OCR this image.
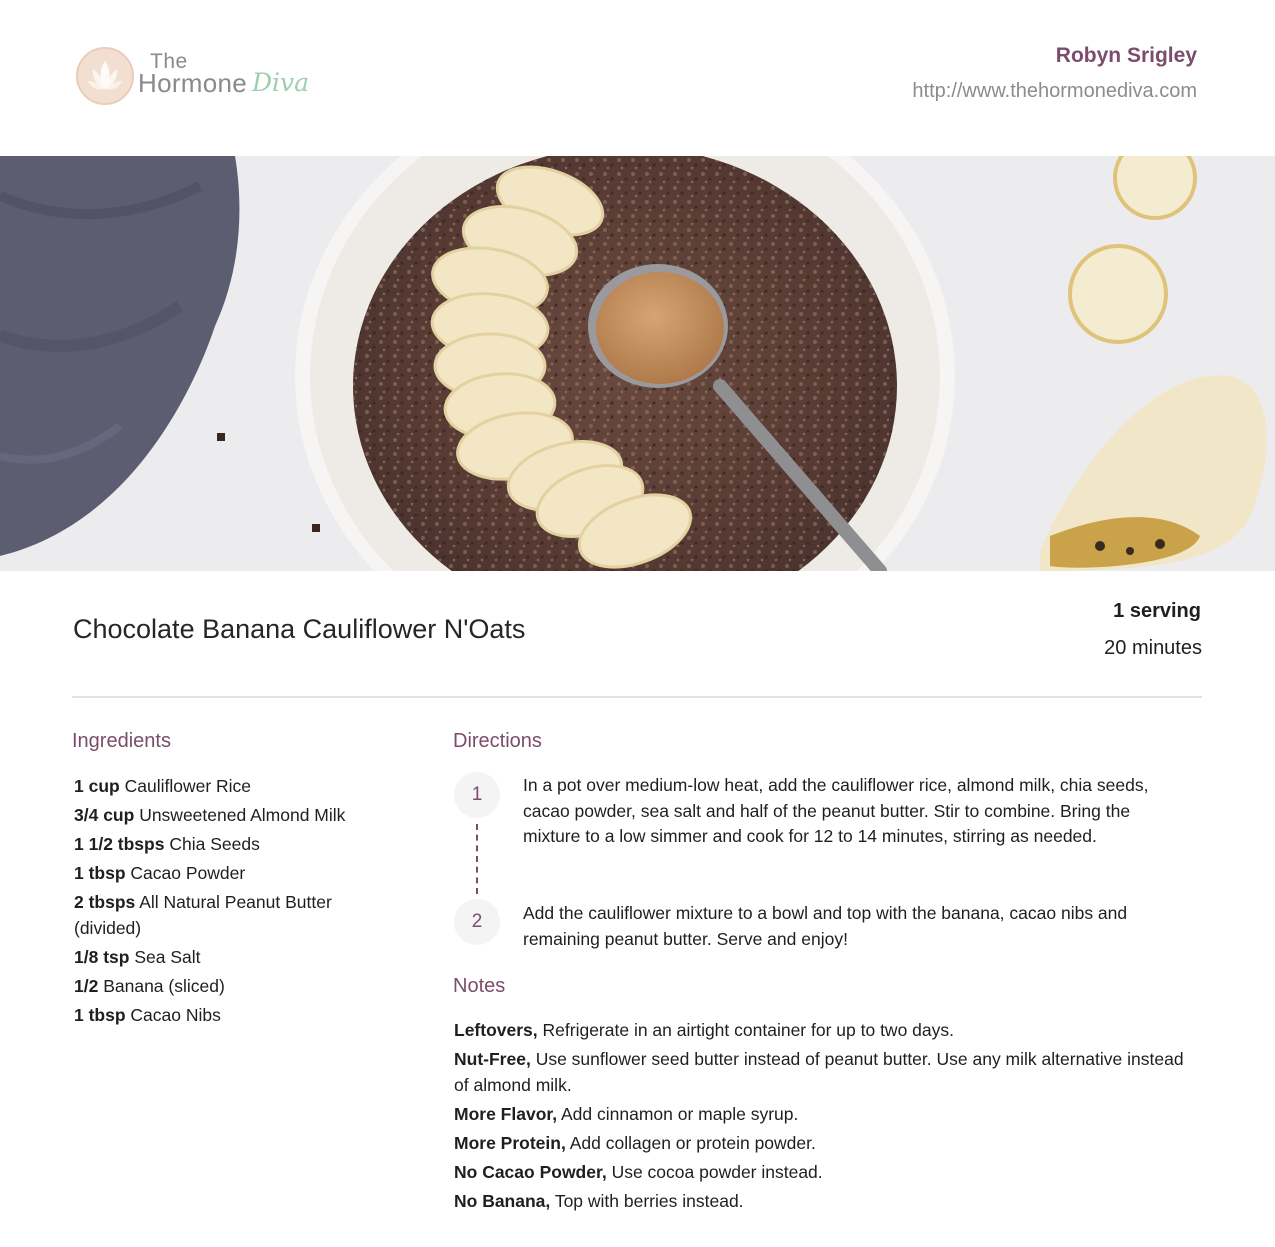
The
Hormone Diva
Robyn Srigley
http://www.thehormonediva.com
Chocolate Banana Cauliflower N'Oats
1 serving
20 minutes
Ingredients
1 cup Cauliflower Rice
3/4 cup Unsweetened Almond Milk
1 1/2 tbsps Chia Seeds
1 tbsp Cacao Powder
2 tbsps All Natural Peanut Butter (divided)
1/8 tsp Sea Salt
1/2 Banana (sliced)
1 tbsp Cacao Nibs
Directions
1	In a pot over medium-low heat, add the cauliflower rice, almond milk, chia seeds, cacao powder, sea salt and half of the peanut butter. Stir to combine. Bring the mixture to a low simmer and cook for 12 to 14 minutes, stirring as needed.
2	Add the cauliflower mixture to a bowl and top with the banana, cacao nibs and remaining peanut butter. Serve and enjoy!
Notes
Leftovers, Refrigerate in an airtight container for up to two days.
Nut-Free, Use sunflower seed butter instead of peanut butter. Use any milk alternative instead of almond milk.
More Flavor, Add cinnamon or maple syrup.
More Protein, Add collagen or protein powder.
No Cacao Powder, Use cocoa powder instead.
No Banana, Top with berries instead.
